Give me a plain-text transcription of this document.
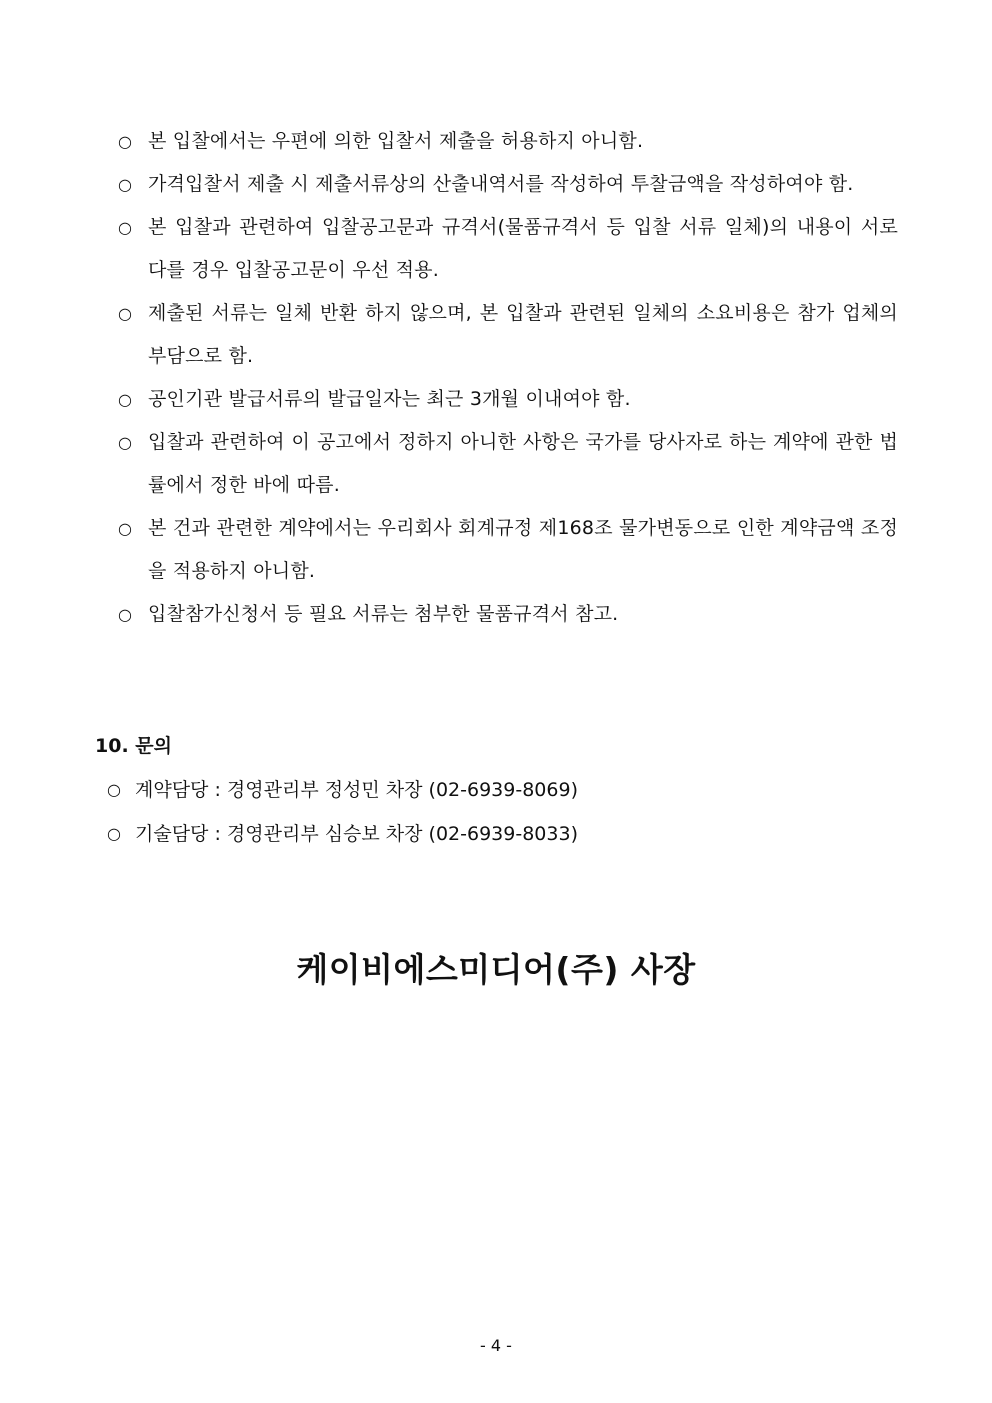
○ 본 입찰에서는 우편에 의한 입찰서 제출을 허용하지 아니함.
○ 가격입찰서 제출 시 제출서류상의 산출내역서를 작성하여 투찰금액을 작성하여야 함.
○ 본 입찰과 관련하여 입찰공고문과 규격서(물품규격서 등 입찰 서류 일체)의 내용이 서로 다를 경우 입찰공고문이 우선 적용.
○ 제출된 서류는 일체 반환 하지 않으며, 본 입찰과 관련된 일체의 소요비용은 참가 업체의 부담으로 함.
○ 공인기관 발급서류의 발급일자는 최근 3개월 이내여야 함.
○ 입찰과 관련하여 이 공고에서 정하지 아니한 사항은 국가를 당사자로 하는 계약에 관한 법률에서 정한 바에 따름.
○ 본 건과 관련한 계약에서는 우리회사 회계규정 제168조 물가변동으로 인한 계약금액 조정을 적용하지 아니함.
○ 입찰참가신청서 등 필요 서류는 첨부한 물품규격서 참고.
10. 문의
○ 계약담당 : 경영관리부 정성민 차장 (02-6939-8069)
○ 기술담당 : 경영관리부 심승보 차장 (02-6939-8033)
케이비에스미디어(주) 사장
- 4 -
